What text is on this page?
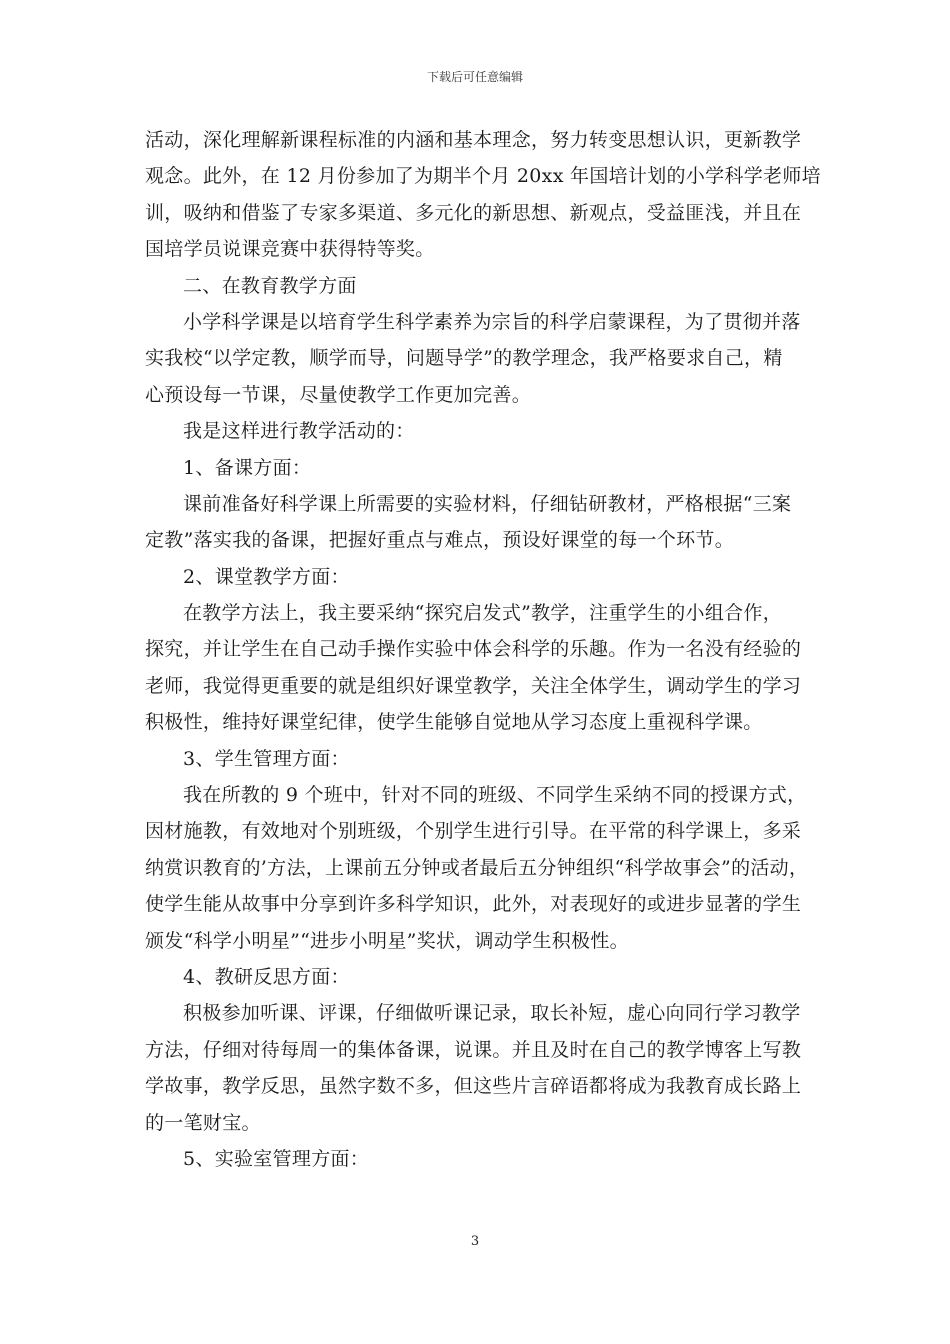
下载后可任意编辑
活动，深化理解新课程标准的内涵和基本理念，努力转变思想认识，更新教学
观念。此外，在 12 月份参加了为期半个月 20xx 年国培计划的小学科学老师培
训，吸纳和借鉴了专家多渠道、多元化的新思想、新观点，受益匪浅，并且在
国培学员说课竞赛中获得特等奖。
二、在教育教学方面
小学科学课是以培育学生科学素养为宗旨的科学启蒙课程，为了贯彻并落
实我校“以学定教，顺学而导，问题导学”的教学理念，我严格要求自己，精
心预设每一节课，尽量使教学工作更加完善。
我是这样进行教学活动的：
1、备课方面：
课前准备好科学课上所需要的实验材料，仔细钻研教材，严格根据“三案
定教”落实我的备课，把握好重点与难点，预设好课堂的每一个环节。
2、课堂教学方面：
在教学方法上，我主要采纳“探究启发式”教学，注重学生的小组合作，
探究，并让学生在自己动手操作实验中体会科学的乐趣。作为一名没有经验的
老师，我觉得更重要的就是组织好课堂教学，关注全体学生，调动学生的学习
积极性，维持好课堂纪律，使学生能够自觉地从学习态度上重视科学课。
3、学生管理方面：
我在所教的 9 个班中，针对不同的班级、不同学生采纳不同的授课方式，
因材施教，有效地对个别班级，个别学生进行引导。在平常的科学课上，多采
纳赏识教育的’方法，上课前五分钟或者最后五分钟组织“科学故事会”的活动，
使学生能从故事中分享到许多科学知识，此外，对表现好的或进步显著的学生
颁发“科学小明星”“进步小明星”奖状，调动学生积极性。
4、教研反思方面：
积极参加听课、评课，仔细做听课记录，取长补短，虚心向同行学习教学
方法，仔细对待每周一的集体备课，说课。并且及时在自己的教学博客上写教
学故事，教学反思，虽然字数不多，但这些片言碎语都将成为我教育成长路上
的一笔财宝。
5、实验室管理方面：
3
